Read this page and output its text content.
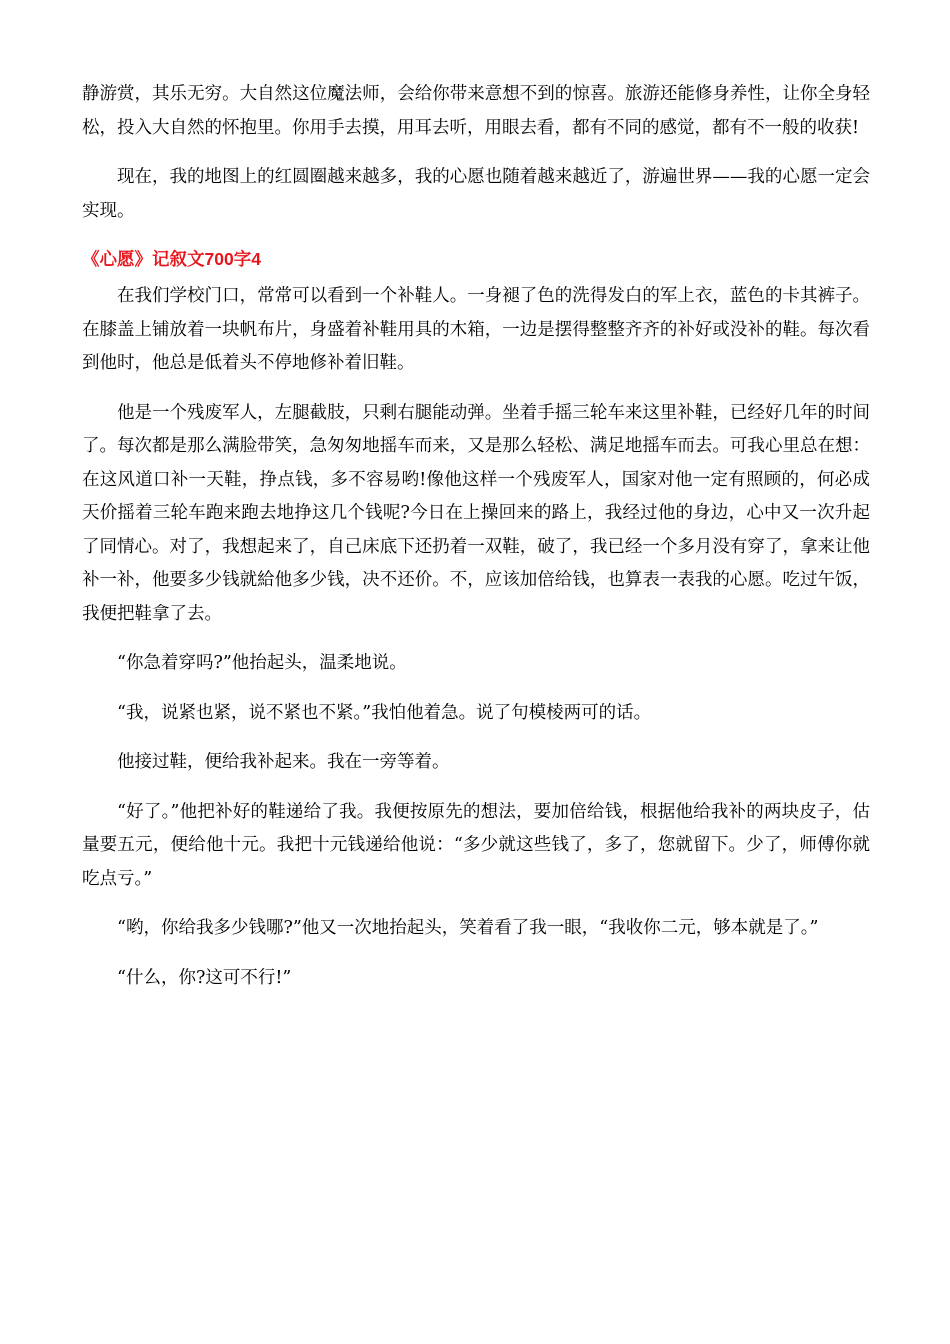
静游赏，其乐无穷。大自然这位魔法师，会给你带来意想不到的惊喜。旅游还能修身养性，让你全身轻松，投入大自然的怀抱里。你用手去摸，用耳去听，用眼去看，都有不同的感觉，都有不一般的收获!

现在，我的地图上的红圆圈越来越多，我的心愿也随着越来越近了，游遍世界——我的心愿一定会实现。

《心愿》记叙文700字4

在我们学校门口，常常可以看到一个补鞋人。一身褪了色的洗得发白的军上衣，蓝色的卡其裤子。在膝盖上铺放着一块帆布片，身盛着补鞋用具的木箱，一边是摆得整整齐齐的补好或没补的鞋。每次看到他时，他总是低着头不停地修补着旧鞋。

他是一个残废军人，左腿截肢，只剩右腿能动弹。坐着手摇三轮车来这里补鞋，已经好几年的时间了。每次都是那么满脸带笑，急匆匆地摇车而来，又是那么轻松、满足地摇车而去。可我心里总在想：在这风道口补一天鞋，挣点钱，多不容易哟!像他这样一个残废军人，国家对他一定有照顾的，何必成天价摇着三轮车跑来跑去地挣这几个钱呢?今日在上操回来的路上，我经过他的身边，心中又一次升起了同情心。对了，我想起来了，自己床底下还扔着一双鞋，破了，我已经一个多月没有穿了，拿来让他补一补，他要多少钱就給他多少钱，决不还价。不，应该加倍给钱，也算表一表我的心愿。吃过午饭，我便把鞋拿了去。

“你急着穿吗?”他抬起头，温柔地说。

“我，说紧也紧，说不紧也不紧。”我怕他着急。说了句模棱两可的话。

他接过鞋，便给我补起来。我在一旁等着。

“好了。”他把补好的鞋递给了我。我便按原先的想法，要加倍给钱，根据他给我补的两块皮子，估量要五元，便给他十元。我把十元钱递给他说：“多少就这些钱了，多了，您就留下。少了，师傅你就吃点亏。”

“哟，你给我多少钱哪?”他又一次地抬起头，笑着看了我一眼，“我收你二元，够本就是了。”

“什么，你?这可不行!”
